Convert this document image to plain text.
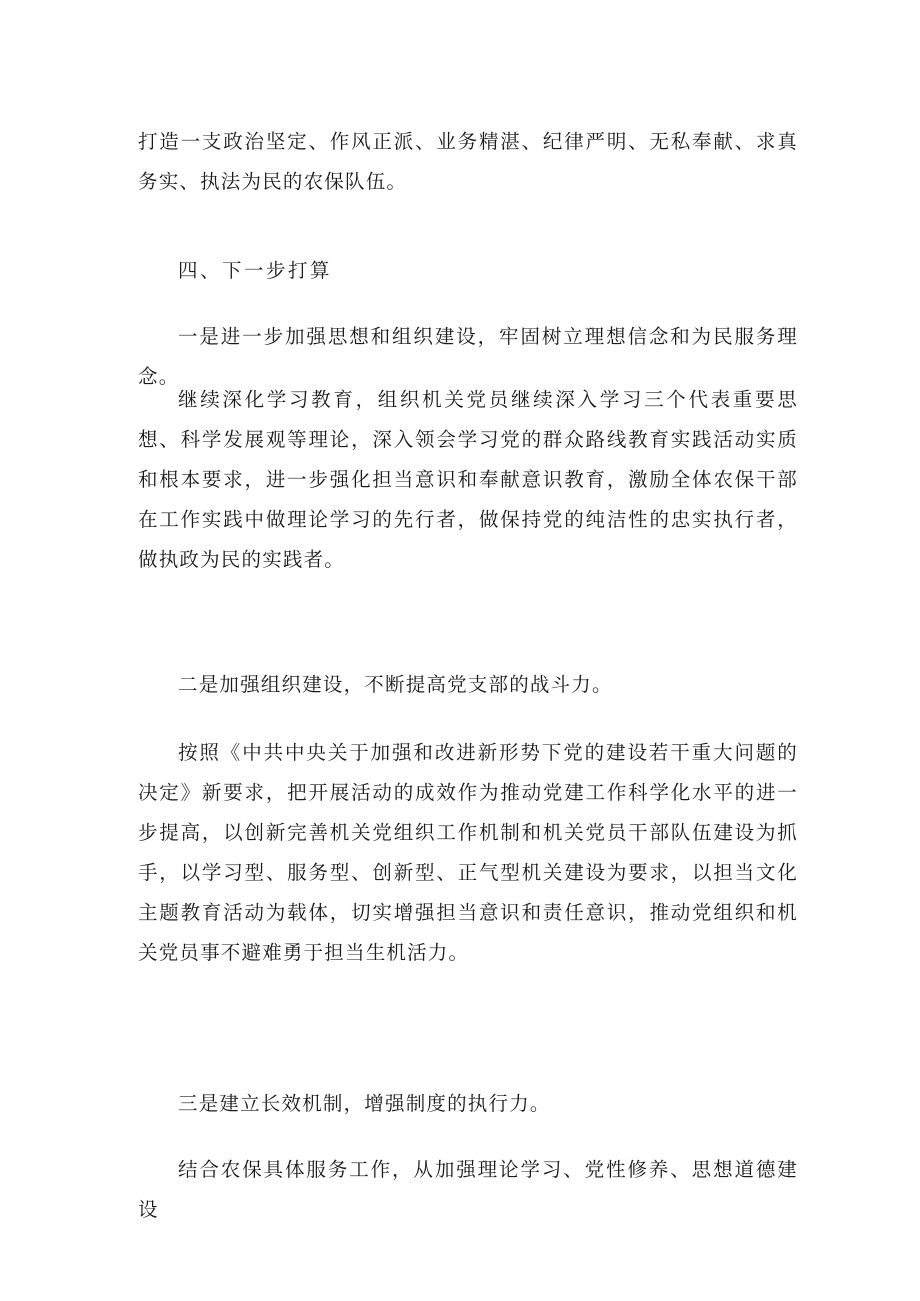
打造一支政治坚定、作风正派、业务精湛、纪律严明、无私奉献、求真务实、执法为民的农保队伍。

四、下一步打算

一是进一步加强思想和组织建设，牢固树立理想信念和为民服务理念。

继续深化学习教育，组织机关党员继续深入学习三个代表重要思想、科学发展观等理论，深入领会学习党的群众路线教育实践活动实质和根本要求，进一步强化担当意识和奉献意识教育，激励全体农保干部在工作实践中做理论学习的先行者，做保持党的纯洁性的忠实执行者，做执政为民的实践者。

二是加强组织建设，不断提高党支部的战斗力。

按照《中共中央关于加强和改进新形势下党的建设若干重大问题的决定》新要求，把开展活动的成效作为推动党建工作科学化水平的进一步提高，以创新完善机关党组织工作机制和机关党员干部队伍建设为抓手，以学习型、服务型、创新型、正气型机关建设为要求，以担当文化主题教育活动为载体，切实增强担当意识和责任意识，推动党组织和机关党员事不避难勇于担当生机活力。

三是建立长效机制，增强制度的执行力。

结合农保具体服务工作，从加强理论学习、党性修养、思想道德建设
